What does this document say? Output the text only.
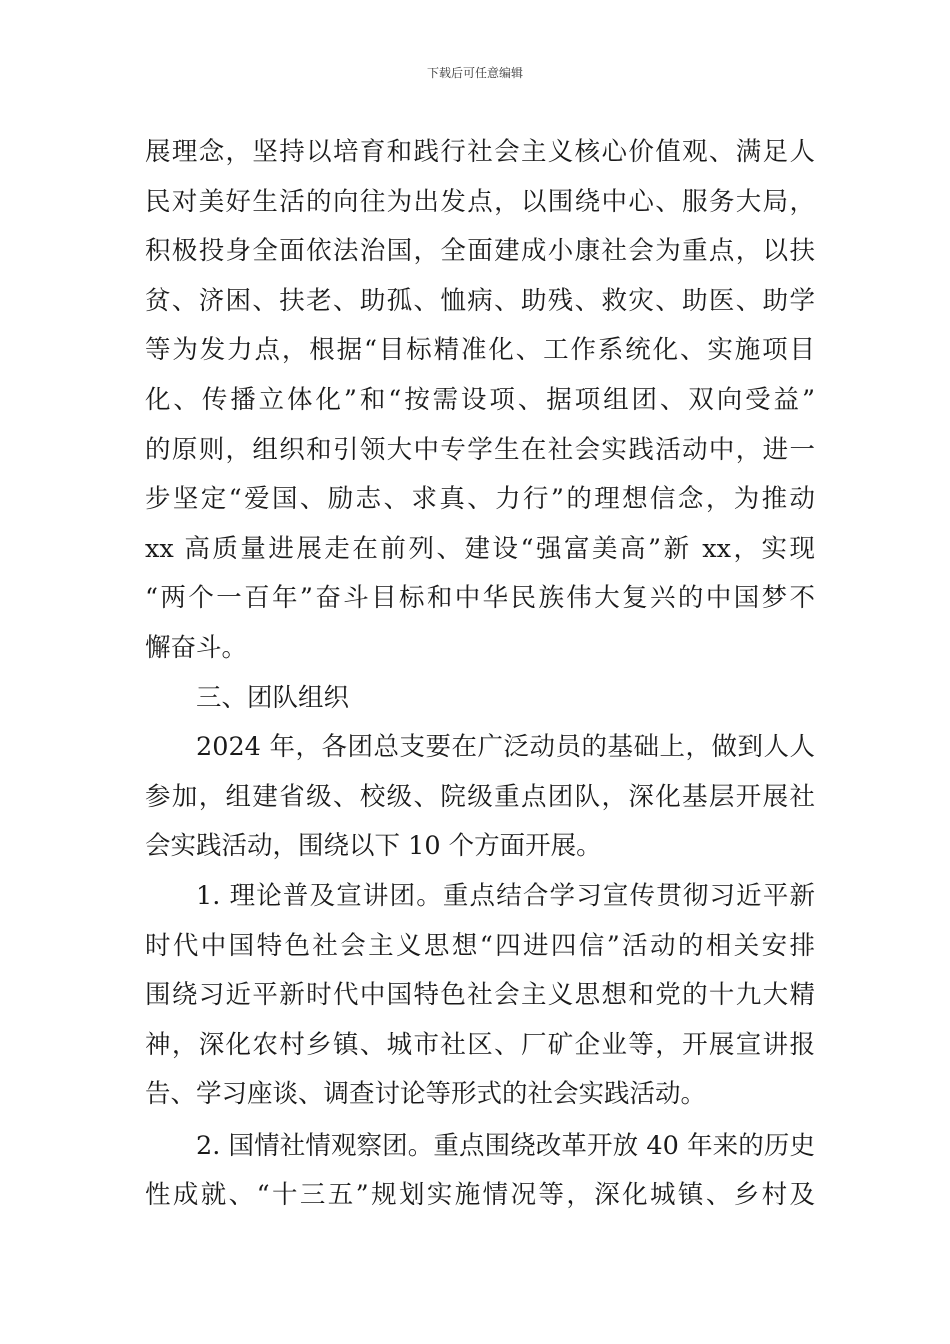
下载后可任意编辑
展理念，坚持以培育和践行社会主义核心价值观、满足人
民对美好生活的向往为出发点，以围绕中心、服务大局，
积极投身全面依法治国，全面建成小康社会为重点，以扶
贫、济困、扶老、助孤、恤病、助残、救灾、助医、助学
等为发力点，根据“目标精准化、工作系统化、实施项目
化、传播立体化”和“按需设项、据项组团、双向受益”
的原则，组织和引领大中专学生在社会实践活动中，进一
步坚定“爱国、励志、求真、力行”的理想信念，为推动
xx 高质量进展走在前列、建设“强富美高”新 xx，实现
“两个一百年”奋斗目标和中华民族伟大复兴的中国梦不
懈奋斗。
三、团队组织
2024 年，各团总支要在广泛动员的基础上，做到人人
参加，组建省级、校级、院级重点团队，深化基层开展社
会实践活动，围绕以下 10 个方面开展。
1. 理论普及宣讲团。重点结合学习宣传贯彻习近平新
时代中国特色社会主义思想“四进四信”活动的相关安排
围绕习近平新时代中国特色社会主义思想和党的十九大精
神，深化农村乡镇、城市社区、厂矿企业等，开展宣讲报
告、学习座谈、调查讨论等形式的社会实践活动。
2. 国情社情观察团。重点围绕改革开放 40 年来的历史
性成就、“十三五”规划实施情况等，深化城镇、乡村及
